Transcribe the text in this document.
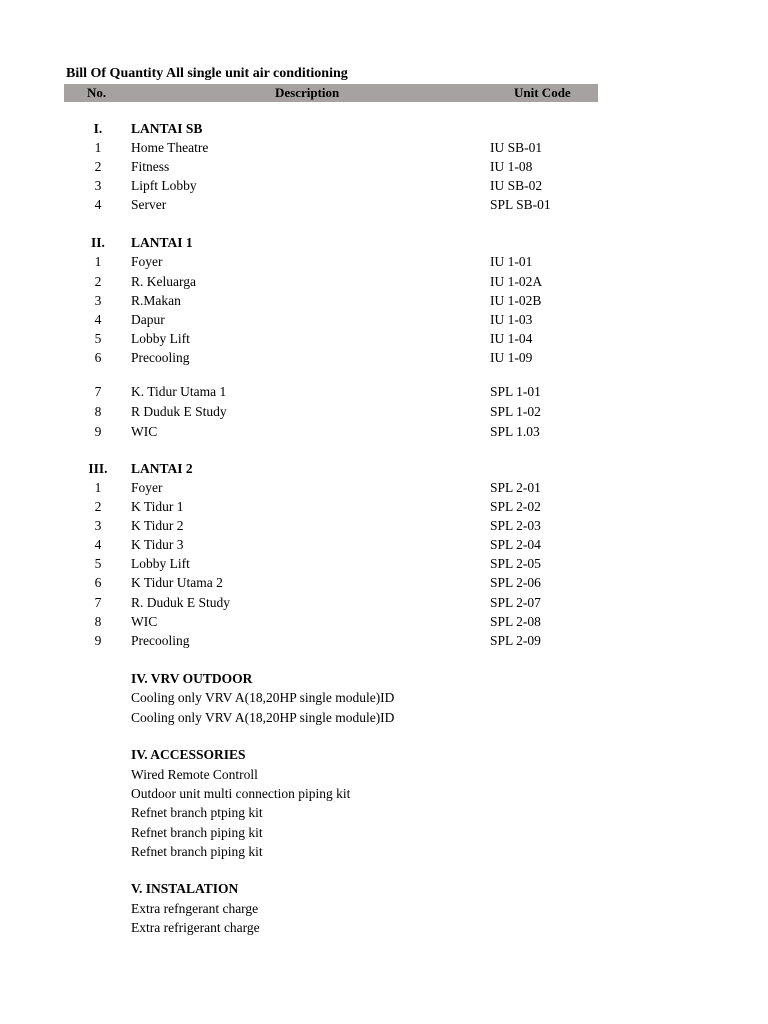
Bill Of Quantity All single unit air conditioning
No.	Description	Unit Code
I.	LANTAI SB
1	Home Theatre	IU SB-01
2	Fitness	IU 1-08
3	Lipft Lobby	IU SB-02
4	Server	SPL SB-01
II.	LANTAI 1
1	Foyer	IU 1-01
2	R. Keluarga	IU 1-02A
3	R.Makan	IU 1-02B
4	Dapur	IU 1-03
5	Lobby Lift	IU 1-04
6	Precooling	IU 1-09
7	K. Tidur Utama 1	SPL 1-01
8	R Duduk E Study	SPL 1-02
9	WIC	SPL 1.03
III.	LANTAI 2
1	Foyer	SPL 2-01
2	K Tidur 1	SPL 2-02
3	K Tidur 2	SPL 2-03
4	K Tidur 3	SPL 2-04
5	Lobby Lift	SPL 2-05
6	K Tidur Utama 2	SPL 2-06
7	R. Duduk E Study	SPL 2-07
8	WIC	SPL 2-08
9	Precooling	SPL 2-09
IV. VRV OUTDOOR
Cooling only VRV A(18,20HP single module)ID
Cooling only VRV A(18,20HP single module)ID
IV. ACCESSORIES
Wired Remote Controll
Outdoor unit multi connection piping kit
Refnet branch ptping kit
Refnet branch piping kit
Refnet branch piping kit
V. INSTALATION
Extra refngerant charge
Extra refrigerant charge
